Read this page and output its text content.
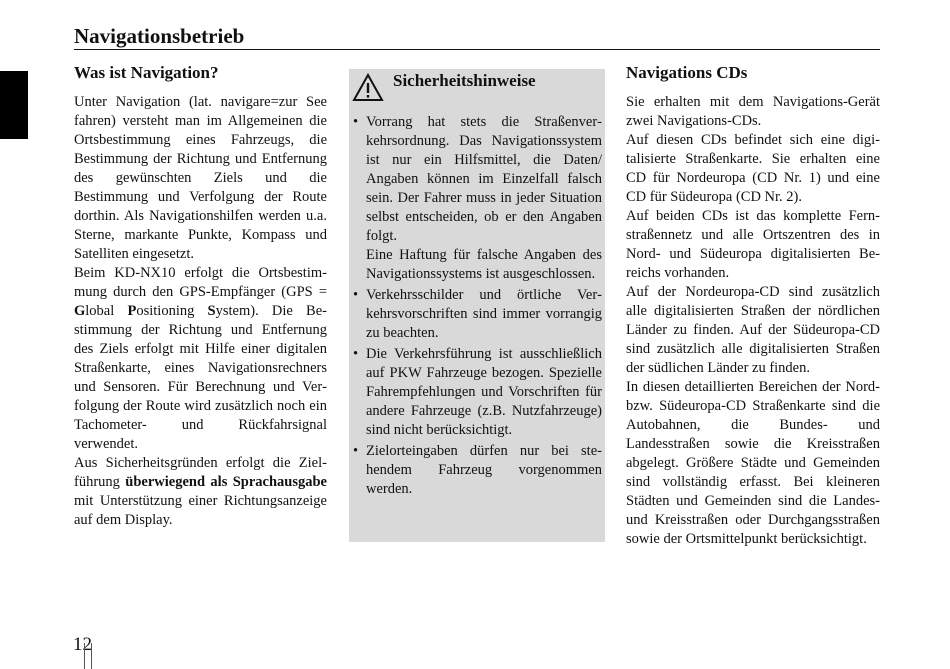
Navigationsbetrieb
Was ist Navigation?

Unter Navigation (lat. navigare=zur See fahren) versteht man im Allgemeinen die Ortsbestimmung eines Fahrzeugs, die Bestimmung der Richtung und Entfernung des gewünschten Ziels und die Bestimmung und Verfolgung der Route dorthin. Als Navigationshilfen werden u.a. Sterne, markante Punkte, Kompass und Satelliten eingesetzt.

Beim KD-NX10 erfolgt die Ortsbestimmung durch den GPS-Empfänger (GPS = Global Positioning System). Die Bestimmung der Richtung und Entfernung des Ziels erfolgt mit Hilfe einer digitalen Straßenkarte, eines Navigationsrechners und Sensoren. Für Berechnung und Verfolgung der Route wird zusätzlich noch ein Tachometer- und Rückfahrsignal verwendet.

Aus Sicherheitsgründen erfolgt die Zielführung überwiegend als Sprachausgabe mit Unterstützung einer Richtungsanzeige auf dem Display.

Sicherheitshinweise

• Vorrang hat stets die Straßenverkehrsordnung. Das Navigationssystem ist nur ein Hilfsmittel, die Daten/ Angaben können im Einzelfall falsch sein. Der Fahrer muss in jeder Situation selbst entscheiden, ob er den Angaben folgt.

Eine Haftung für falsche Angaben des Navigationssystems ist ausgeschlossen.

• Verkehrsschilder und örtliche Verkehrsvorschriften sind immer vorrangig zu beachten.

• Die Verkehrsführung ist ausschließlich auf PKW Fahrzeuge bezogen. Spezielle Fahrempfehlungen und Vorschriften für andere Fahrzeuge (z.B. Nutzfahrzeuge) sind nicht berücksichtigt.

• Zielorteingaben dürfen nur bei stehendem Fahrzeug vorgenommen werden.

Navigations CDs

Sie erhalten mit dem Navigations-Gerät zwei Navigations-CDs.

Auf diesen CDs befindet sich eine digitalisierte Straßenkarte. Sie erhalten eine CD für Nordeuropa (CD Nr. 1) und eine CD für Südeuropa (CD Nr. 2).

Auf beiden CDs ist das komplette Fernstraßennetz und alle Ortszentren des in Nord- und Südeuropa digitalisierten Bereichs vorhanden.

Auf der Nordeuropa-CD sind zusätzlich alle digitalisierten Straßen der nördlichen Länder zu finden. Auf der Südeuropa-CD sind zusätzlich alle digitalisierten Straßen der südlichen Länder zu finden.

In diesen detaillierten Bereichen der Nord- bzw. Südeuropa-CD Straßenkarte sind die Autobahnen, die Bundes- und Landesstraßen sowie die Kreisstraßen abgelegt. Größere Städte und Gemeinden sind vollständig erfasst. Bei kleineren Städten und Gemeinden sind die Landes- und Kreisstraßen oder Durchgangsstraßen sowie der Ortsmittelpunkt berücksichtigt.

12
